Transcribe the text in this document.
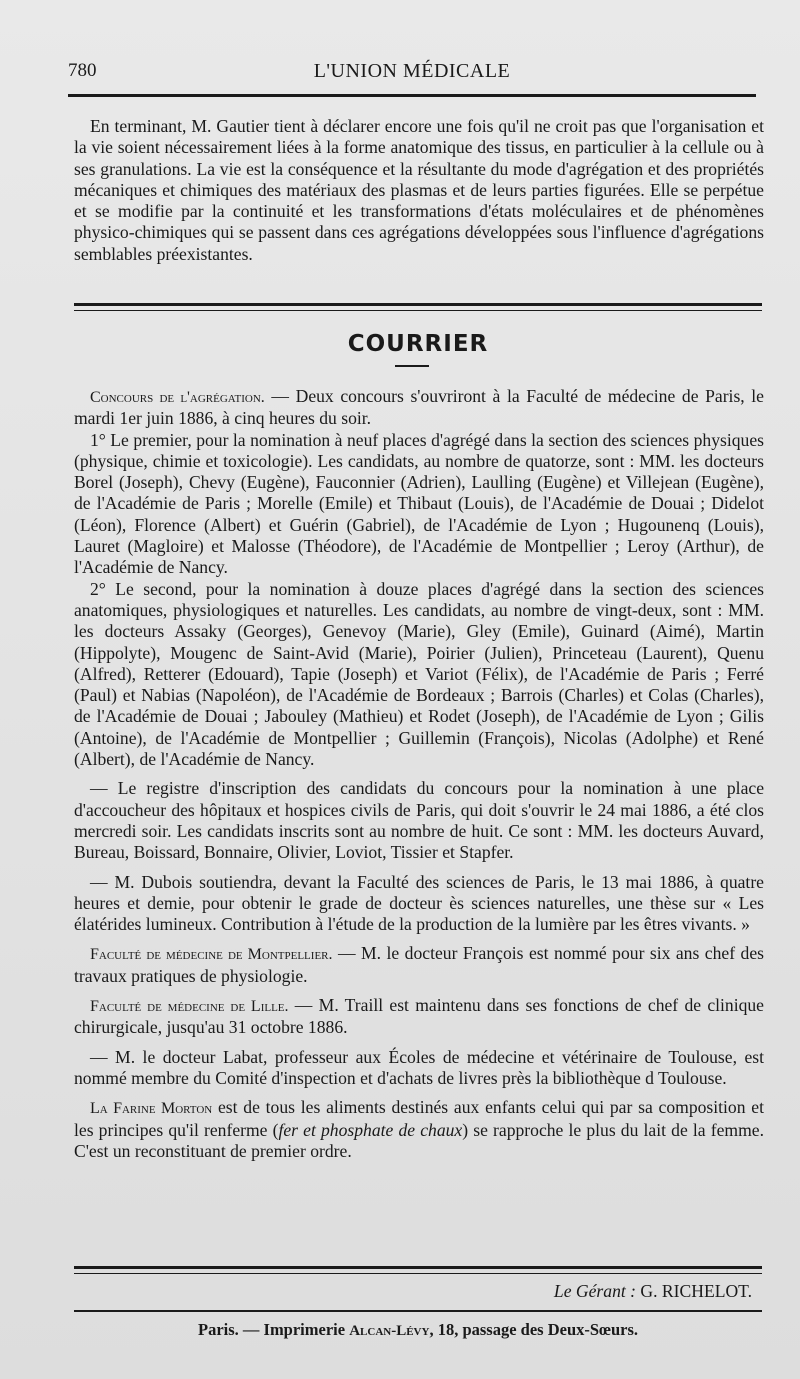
780	L'UNION MÉDICALE

En terminant, M. Gautier tient à déclarer encore une fois qu'il ne croit pas que l'organisation et la vie soient nécessairement liées à la forme anatomique des tissus, en particulier à la cellule ou à ses granulations. La vie est la conséquence et la résultante du mode d'agrégation et des propriétés mécaniques et chimiques des matériaux des plasmas et de leurs parties figurées. Elle se perpétue et se modifie par la continuité et les transformations d'états moléculaires et de phénomènes physico-chimiques qui se passent dans ces agrégations développées sous l'influence d'agrégations semblables préexistantes.

COURRIER

Concours de l'agrégation. — Deux concours s'ouvriront à la Faculté de médecine de Paris, le mardi 1er juin 1886, à cinq heures du soir.

1° Le premier, pour la nomination à neuf places d'agrégé dans la section des sciences physiques (physique, chimie et toxicologie). Les candidats, au nombre de quatorze, sont : MM. les docteurs Borel (Joseph), Chevy (Eugène), Fauconnier (Adrien), Laulling (Eugène) et Villejean (Eugène), de l'Académie de Paris ; Morelle (Emile) et Thibaut (Louis), de l'Académie de Douai ; Didelot (Léon), Florence (Albert) et Guérin (Gabriel), de l'Académie de Lyon ; Hugounenq (Louis), Lauret (Magloire) et Malosse (Théodore), de l'Académie de Montpellier ; Leroy (Arthur), de l'Académie de Nancy.

2° Le second, pour la nomination à douze places d'agrégé dans la section des sciences anatomiques, physiologiques et naturelles. Les candidats, au nombre de vingt-deux, sont : MM. les docteurs Assaky (Georges), Genevoy (Marie), Gley (Emile), Guinard (Aimé), Martin (Hippolyte), Mougenc de Saint-Avid (Marie), Poirier (Julien), Princeteau (Laurent), Quenu (Alfred), Retterer (Edouard), Tapie (Joseph) et Variot (Félix), de l'Académie de Paris ; Ferré (Paul) et Nabias (Napoléon), de l'Académie de Bordeaux ; Barrois (Charles) et Colas (Charles), de l'Académie de Douai ; Jabouley (Mathieu) et Rodet (Joseph), de l'Académie de Lyon ; Gilis (Antoine), de l'Académie de Montpellier ; Guillemin (François), Nicolas (Adolphe) et René (Albert), de l'Académie de Nancy.

— Le registre d'inscription des candidats du concours pour la nomination à une place d'accoucheur des hôpitaux et hospices civils de Paris, qui doit s'ouvrir le 24 mai 1886, a été clos mercredi soir. Les candidats inscrits sont au nombre de huit. Ce sont : MM. les docteurs Auvard, Bureau, Boissard, Bonnaire, Olivier, Loviot, Tissier et Stapfer.

— M. Dubois soutiendra, devant la Faculté des sciences de Paris, le 13 mai 1886, à quatre heures et demie, pour obtenir le grade de docteur ès sciences naturelles, une thèse sur « Les élatérides lumineux. Contribution à l'étude de la production de la lumière par les êtres vivants. »

Faculté de médecine de Montpellier. — M. le docteur François est nommé pour six ans chef des travaux pratiques de physiologie.

Faculté de médecine de Lille. — M. Traill est maintenu dans ses fonctions de chef de clinique chirurgicale, jusqu'au 31 octobre 1886.

— M. le docteur Labat, professeur aux Écoles de médecine et vétérinaire de Toulouse, est nommé membre du Comité d'inspection et d'achats de livres près la bibliothèque d Toulouse.

La Farine Morton est de tous les aliments destinés aux enfants celui qui par sa composition et les principes qu'il renferme (fer et phosphate de chaux) se rapproche le plus du lait de la femme. C'est un reconstituant de premier ordre.

Le Gérant : G. RICHELOT.
Paris. — Imprimerie Alcan-Lévy, 18, passage des Deux-Sœurs.
